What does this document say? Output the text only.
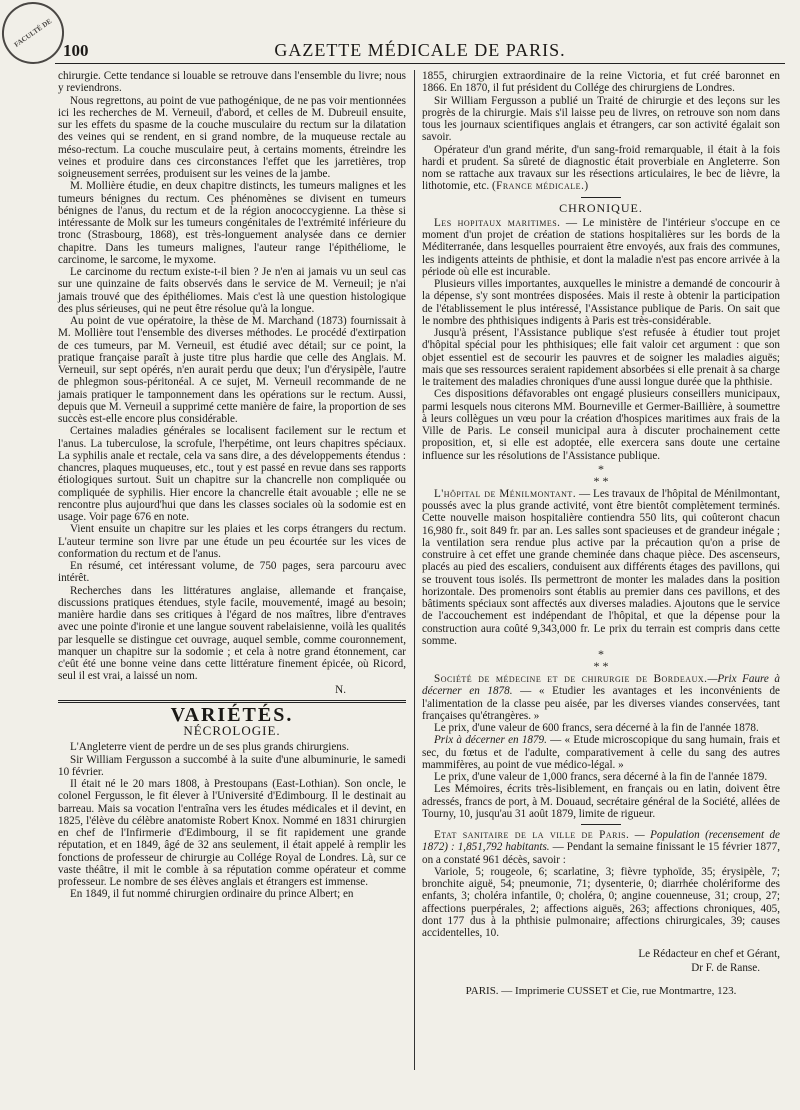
FACULTÉ DE
100	GAZETTE MÉDICALE DE PARIS.

chirurgie. Cette tendance si louable se retrouve dans l'ensemble du livre; nous y reviendrons.

Nous regrettons, au point de vue pathogénique, de ne pas voir mentionnées ici les recherches de M. Verneuil, d'abord, et celles de M. Dubreuil ensuite, sur les effets du spasme de la couche musculaire du rectum sur la dilatation des veines qui se rendent, en si grand nombre, de la muqueuse rectale au méso-rectum. La couche musculaire peut, à certains moments, étreindre les veines et produire dans ces circonstances l'effet que les jarretières, trop soigneusement serrées, produisent sur les veines de la jambe.

M. Mollière étudie, en deux chapitre distincts, les tumeurs malignes et les tumeurs bénignes du rectum. Ces phénomènes se divisent en tumeurs bénignes de l'anus, du rectum et de la région anococcygienne. La thèse si intéressante de Molk sur les tumeurs congénitales de l'extrémité inférieure du tronc (Strasbourg, 1868), est très-longuement analysée dans ce dernier chapitre. Dans les tumeurs malignes, l'auteur range l'épithéliome, le carcinome, le sarcome, le myxome.

Le carcinome du rectum existe-t-il bien ? Je n'en ai jamais vu un seul cas sur une quinzaine de faits observés dans le service de M. Verneuil; je n'ai jamais trouvé que des épithéliomes. Mais c'est là une question histologique des plus sérieuses, qui ne peut être résolue qu'à la longue.

Au point de vue opératoire, la thèse de M. Marchand (1873) fournissait à M. Mollière tout l'ensemble des diverses méthodes. Le procédé d'extirpation de ces tumeurs, par M. Verneuil, est étudié avec détail; sur ce point, la pratique française paraît à juste titre plus hardie que celle des Anglais. M. Verneuil, sur sept opérés, n'en aurait perdu que deux; l'un d'érysipèle, l'autre de phlegmon sous-péritonéal. A ce sujet, M. Verneuil recommande de ne jamais pratiquer le tamponnement dans les opérations sur le rectum. Aussi, depuis que M. Verneuil a supprimé cette manière de faire, la proportion de ses succès est-elle encore plus considérable.

Certaines maladies générales se localisent facilement sur le rectum et l'anus. La tuberculose, la scrofule, l'herpétime, ont leurs chapitres spéciaux. La syphilis anale et rectale, cela va sans dire, a des développements étendus : chancres, plaques muqueuses, etc., tout y est passé en revue dans ses rapports étiologiques surtout. Suit un chapitre sur la chancrelle non compliquée ou compliquée de syphilis. Hier encore la chancrelle était avouable ; elle ne se rencontre plus aujourd'hui que dans les classes sociales où la sodomie est en usage. Voir page 676 en note.

Vient ensuite un chapitre sur les plaies et les corps étrangers du rectum. L'auteur termine son livre par une étude un peu écourtée sur les vices de conformation du rectum et de l'anus.

En résumé, cet intéressant volume, de 750 pages, sera parcouru avec intérêt.

Recherches dans les littératures anglaise, allemande et française, discussions pratiques étendues, style facile, mouvementé, imagé au besoin; manière hardie dans ses critiques à l'égard de nos maîtres, libre d'entraves avec une pointe d'ironie et une langue souvent rabelaisienne, voilà les qualités par lesquelle se distingue cet ouvrage, auquel semble, comme couronnement, manquer un chapitre sur la sodomie ; et cela à notre grand étonnement, car c'eût été une bonne veine dans cette littérature finement épicée, où Ricord, seul il est vrai, a laissé un nom.

N.
VARIÉTÉS.
NÉCROLOGIE.

L'Angleterre vient de perdre un de ses plus grands chirurgiens.

Sir William Fergusson a succombé à la suite d'une albuminurie, le samedi 10 février.

Il était né le 20 mars 1808, à Prestoupans (East-Lothian). Son oncle, le colonel Fergusson, le fit élever à l'Université d'Edimbourg. Il le destinait au barreau. Mais sa vocation l'entraîna vers les études médicales et il devint, en 1825, l'élève du célèbre anatomiste Robert Knox. Nommé en 1831 chirurgien en chef de l'Infirmerie d'Edimbourg, il se fit rapidement une grande réputation, et en 1849, âgé de 32 ans seulement, il était appelé à remplir les fonctions de professeur de chirurgie au Collége Royal de Londres. Là, sur ce vaste théâtre, il mit le comble à sa réputation comme opérateur et comme professeur. Le nombre de ses élèves anglais et étrangers est immense.

En 1849, il fut nommé chirurgien ordinaire du prince Albert; en

1855, chirurgien extraordinaire de la reine Victoria, et fut créé baronnet en 1866. En 1870, il fut président du Collége des chirurgiens de Londres.

Sir William Fergusson a publié un Traité de chirurgie et des leçons sur les progrès de la chirurgie. Mais s'il laisse peu de livres, on retrouve son nom dans tous les journaux scientifiques anglais et étrangers, car son activité égalait son savoir.

Opérateur d'un grand mérite, d'un sang-froid remarquable, il était à la fois hardi et prudent. Sa sûreté de diagnostic était proverbiale en Angleterre. Son nom se rattache aux travaux sur les résections articulaires, le bec de lièvre, la lithotomie, etc. (France médicale.)

CHRONIQUE.

Les hopitaux maritimes. — Le ministère de l'intérieur s'occupe en ce moment d'un projet de création de stations hospitalières sur les bords de la Méditerranée, dans lesquelles pourraient être envoyés, aux frais des communes, les indigents atteints de phthisie, et dont la maladie n'est pas encore arrivée à la période où elle est incurable.

Plusieurs villes importantes, auxquelles le ministre a demandé de concourir à la dépense, s'y sont montrées disposées. Mais il reste à obtenir la participation de l'établissement le plus intéressé, l'Assistance publique de Paris. On sait que le nombre des phthisiques indigents à Paris est très-considérable.

Jusqu'à présent, l'Assistance publique s'est refusée à étudier tout projet d'hôpital spécial pour les phthisiques; elle fait valoir cet argument : que son objet essentiel est de secourir les pauvres et de soigner les maladies aiguës; mais que ses ressources seraient rapidement absorbées si elle prenait à sa charge le traitement des maladies chroniques d'une aussi longue durée que la phthisie.

Ces dispositions défavorables ont engagé plusieurs conseillers municipaux, parmi lesquels nous citerons MM. Bourneville et Germer-Baillière, à soumettre à leurs collègues un vœu pour la création d'hospices maritimes aux frais de la Ville de Paris. Le conseil municipal aura à discuter prochainement cette proposition, et, si elle est adoptée, elle exercera sans doute une certaine influence sur les résolutions de l'Assistance publique.

*
* *

L'hôpital de Ménilmontant. — Les travaux de l'hôpital de Ménilmontant, poussés avec la plus grande activité, vont être bientôt complètement terminés. Cette nouvelle maison hospitalière contiendra 550 lits, qui coûteront chacun 16,980 fr., soit 849 fr. par an. Les salles sont spacieuses et de grandeur inégale ; la ventilation sera rendue plus active par la précaution qu'on a prise de construire à cet effet une grande cheminée dans chaque pièce. Des ascenseurs, placés au pied des escaliers, conduisent aux différents étages des pavillons, qui se trouvent tous isolés. Ils permettront de monter les malades dans la position horizontale. Des promenoirs sont établis au premier dans ces pavillons, et des bâtiments spéciaux sont affectés aux diverses maladies. Ajoutons que le service de l'accouchement est indépendant de l'hôpital, et que la dépense pour la construction aura coûté 9,343,000 fr. Le prix du terrain est compris dans cette somme.

*
* *

Société de médecine et de chirurgie de Bordeaux.—Prix Faure à décerner en 1878. — « Etudier les avantages et les inconvénients de l'alimentation de la classe peu aisée, par les diverses viandes conservées, tant françaises qu'étrangères. »

Le prix, d'une valeur de 600 francs, sera décerné à la fin de l'année 1878.

Prix à décerner en 1879. — « Etude microscopique du sang humain, frais et sec, du fœtus et de l'adulte, comparativement à celle du sang des autres mammifères, au point de vue médico-légal. »

Le prix, d'une valeur de 1,000 francs, sera décerné à la fin de l'année 1879.

Les Mémoires, écrits très-lisiblement, en français ou en latin, doivent être adressés, francs de port, à M. Douaud, secrétaire général de la Société, allées de Tourny, 10, jusqu'au 31 août 1879, limite de rigueur.

Etat sanitaire de la ville de Paris. — Population (recensement de 1872) : 1,851,792 habitants. — Pendant la semaine finissant le 15 février 1877, on a constaté 961 décès, savoir :

Variole, 5; rougeole, 6; scarlatine, 3; fièvre typhoïde, 35; érysipèle, 7; bronchite aiguë, 54; pneumonie, 71; dysenterie, 0; diarrhée cholériforme des enfants, 3; choléra infantile, 0; choléra, 0; angine couenneuse, 31; croup, 27; affections puerpérales, 2; affections aiguës, 263; affections chroniques, 405, dont 177 dus à la phthisie pulmonaire; affections chirurgicales, 39; causes accidentelles, 10.

Le Rédacteur en chef et Gérant,
Dr F. de Ranse.
PARIS. — Imprimerie CUSSET et Cie, rue Montmartre, 123.
